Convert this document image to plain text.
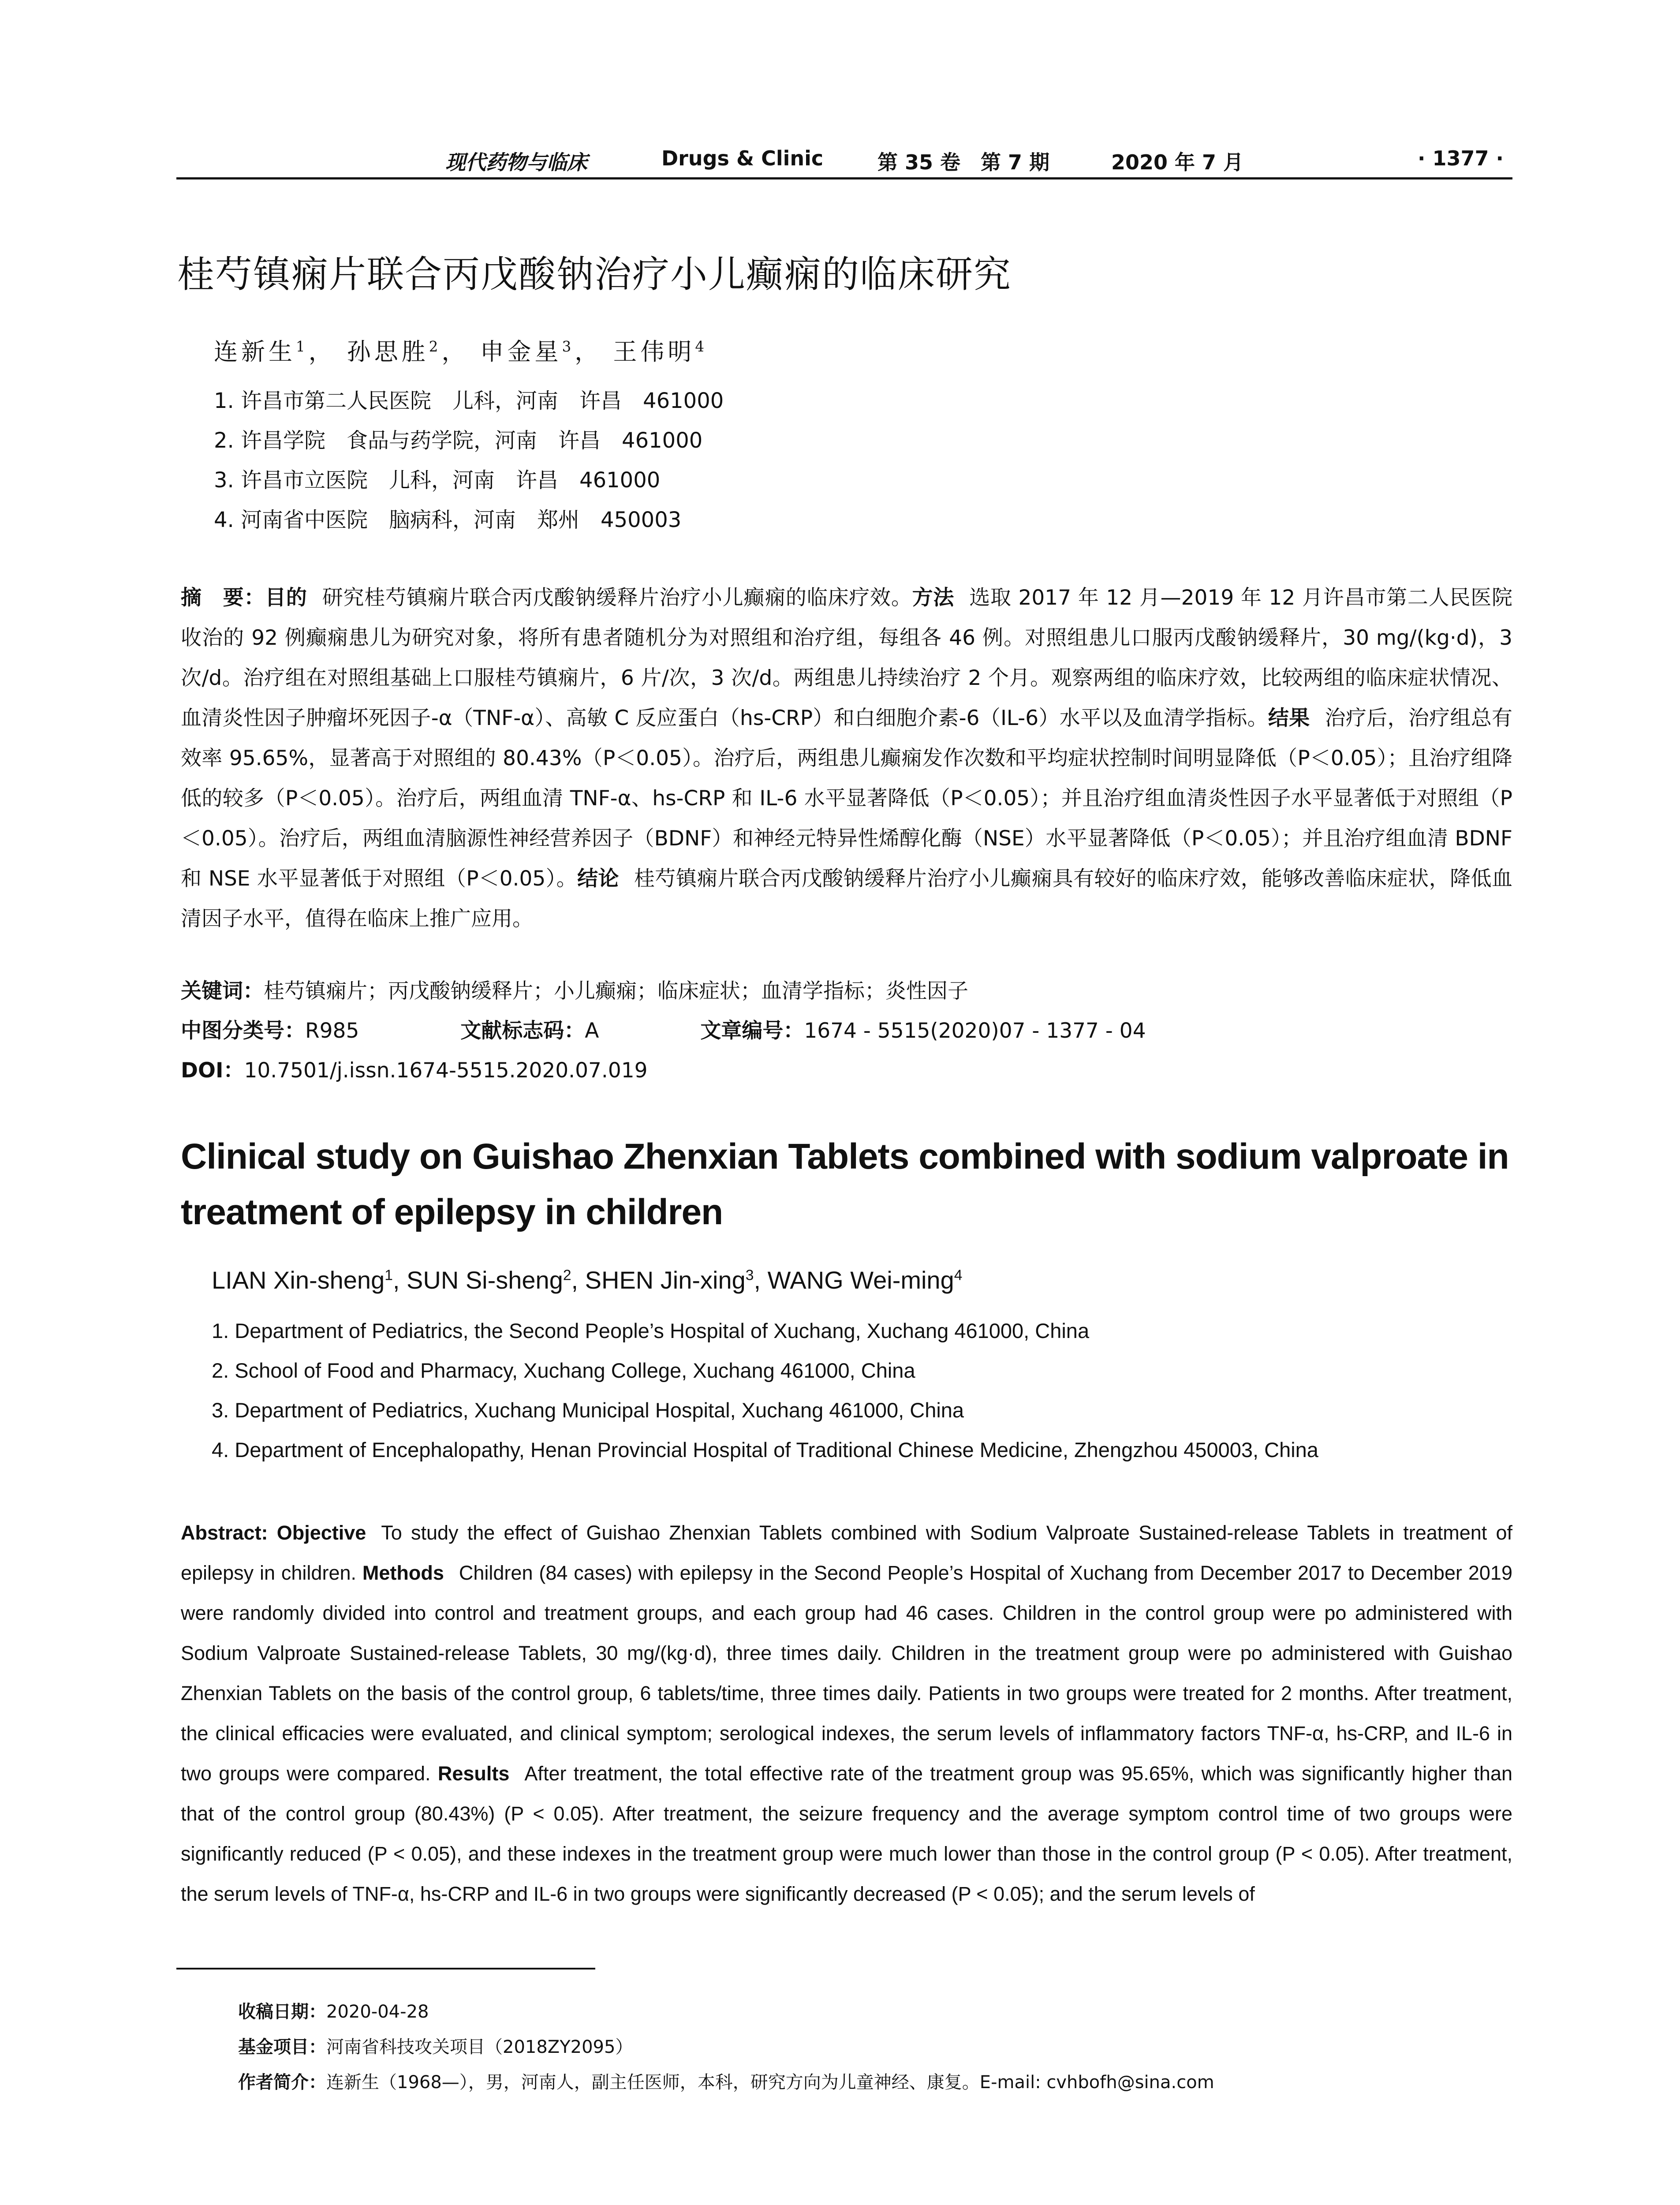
现代药物与临床	Drugs & Clinic	第 35 卷　第 7 期	2020 年 7 月	· 1377 ·
桂芍镇痫片联合丙戊酸钠治疗小儿癫痫的临床研究
连新生$^1$， 孙思胜$^2$， 申金星$^3$， 王伟明$^4$
1. 许昌市第二人民医院　儿科，河南　许昌　461000
2. 许昌学院　食品与药学院，河南　许昌　461000
3. 许昌市立医院　儿科，河南　许昌　461000
4. 河南省中医院　脑病科，河南　郑州　450003
摘　要：目的 研究桂芍镇痫片联合丙戊酸钠缓释片治疗小儿癫痫的临床疗效。方法 选取 2017 年 12 月—2019 年 12 月许昌市第二人民医院收治的 92 例癫痫患儿为研究对象，将所有患者随机分为对照组和治疗组，每组各 46 例。对照组患儿口服丙戊酸钠缓释片，30 mg/(kg·d)，3 次/d。治疗组在对照组基础上口服桂芍镇痫片，6 片/次，3 次/d。两组患儿持续治疗 2 个月。观察两组的临床疗效，比较两组的临床症状情况、血清炎性因子肿瘤坏死因子-α（TNF-α）、高敏 C 反应蛋白（hs-CRP）和白细胞介素-6（IL-6）水平以及血清学指标。结果 治疗后，治疗组总有效率 95.65%，显著高于对照组的 80.43%（P＜0.05）。治疗后，两组患儿癫痫发作次数和平均症状控制时间明显降低（P＜0.05）；且治疗组降低的较多（P＜0.05）。治疗后，两组血清 TNF-α、hs-CRP 和 IL-6 水平显著降低（P＜0.05）；并且治疗组血清炎性因子水平显著低于对照组（P＜0.05）。治疗后，两组血清脑源性神经营养因子（BDNF）和神经元特异性烯醇化酶（NSE）水平显著降低（P＜0.05）；并且治疗组血清 BDNF 和 NSE 水平显著低于对照组（P＜0.05）。结论 桂芍镇痫片联合丙戊酸钠缓释片治疗小儿癫痫具有较好的临床疗效，能够改善临床症状，降低血清因子水平，值得在临床上推广应用。
关键词：桂芍镇痫片；丙戊酸钠缓释片；小儿癫痫；临床症状；血清学指标；炎性因子
中图分类号：R985	文献标志码：A	文章编号：1674 - 5515(2020)07 - 1377 - 04
DOI：10.7501/j.issn.1674-5515.2020.07.019
Clinical study on Guishao Zhenxian Tablets combined with sodium valproate in
treatment of epilepsy in children
LIAN Xin-sheng$^1$, SUN Si-sheng$^2$, SHEN Jin-xing$^3$, WANG Wei-ming$^4$
1. Department of Pediatrics, the Second People’s Hospital of Xuchang, Xuchang 461000, China
2. School of Food and Pharmacy, Xuchang College, Xuchang 461000, China
3. Department of Pediatrics, Xuchang Municipal Hospital, Xuchang 461000, China
4. Department of Encephalopathy, Henan Provincial Hospital of Traditional Chinese Medicine, Zhengzhou 450003, China
Abstract: Objective To study the effect of Guishao Zhenxian Tablets combined with Sodium Valproate Sustained-release Tablets in treatment of epilepsy in children. Methods Children (84 cases) with epilepsy in the Second People’s Hospital of Xuchang from December 2017 to December 2019 were randomly divided into control and treatment groups, and each group had 46 cases. Children in the control group were po administered with Sodium Valproate Sustained-release Tablets, 30 mg/(kg·d), three times daily. Children in the treatment group were po administered with Guishao Zhenxian Tablets on the basis of the control group, 6 tablets/time, three times daily. Patients in two groups were treated for 2 months. After treatment, the clinical efficacies were evaluated, and clinical symptom; serological indexes, the serum levels of inflammatory factors TNF-α, hs-CRP, and IL-6 in two groups were compared. Results After treatment, the total effective rate of the treatment group was 95.65%, which was significantly higher than that of the control group (80.43%) (P < 0.05). After treatment, the seizure frequency and the average symptom control time of two groups were significantly reduced (P < 0.05), and these indexes in the treatment group were much lower than those in the control group (P < 0.05). After treatment, the serum levels of TNF-α, hs-CRP and IL-6 in two groups were significantly decreased (P < 0.05); and the serum levels of
收稿日期：2020-04-28
基金项目：河南省科技攻关项目（2018ZY2095）
作者简介：连新生（1968—），男，河南人，副主任医师，本科，研究方向为儿童神经、康复。E-mail: cvhbofh@sina.com
